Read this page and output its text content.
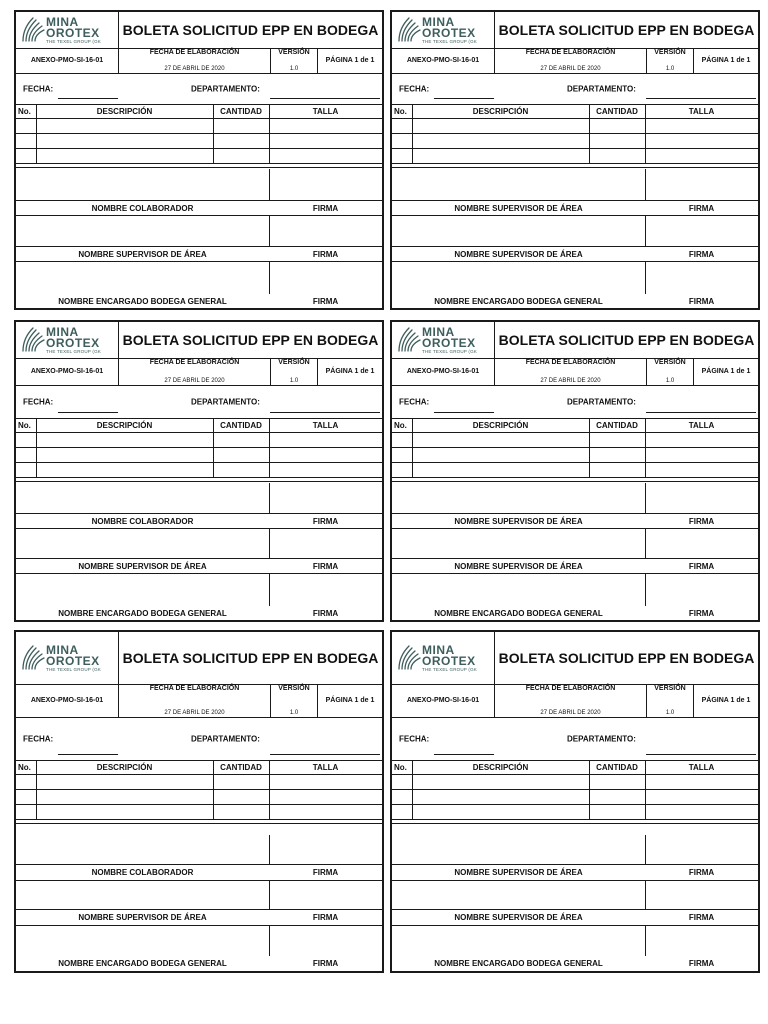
MINA
OROTEX
THE TEXEL GROUP (GK
BOLETA SOLICITUD EPP EN BODEGA
ANEXO-PMO-SI-16-01
FECHA DE ELABORACIÓN
27 DE ABRIL DE 2020
VERSIÓN
1.0
PÁGINA 1 de 1
FECHA:	DEPARTAMENTO:
No.	DESCRIPCIÓN	CANTIDAD	TALLA
NOMBRE COLABORADOR	FIRMA
NOMBRE SUPERVISOR DE ÁREA	FIRMA
NOMBRE ENCARGADO BODEGA GENERAL	FIRMA
MINA
OROTEX
THE TEXEL GROUP (GK
BOLETA SOLICITUD EPP EN BODEGA
ANEXO-PMO-SI-16-01
FECHA DE ELABORACIÓN
27 DE ABRIL DE 2020
VERSIÓN
1.0
PÁGINA 1 de 1
FECHA:	DEPARTAMENTO:
No.	DESCRIPCIÓN	CANTIDAD	TALLA
NOMBRE SUPERVISOR DE ÁREA	FIRMA
NOMBRE SUPERVISOR DE ÁREA	FIRMA
NOMBRE ENCARGADO BODEGA GENERAL	FIRMA
MINA
OROTEX
THE TEXEL GROUP (GK
BOLETA SOLICITUD EPP EN BODEGA
ANEXO-PMO-SI-16-01
FECHA DE ELABORACIÓN
27 DE ABRIL DE 2020
VERSIÓN
1.0
PÁGINA 1 de 1
FECHA:	DEPARTAMENTO:
No.	DESCRIPCIÓN	CANTIDAD	TALLA
NOMBRE COLABORADOR	FIRMA
NOMBRE SUPERVISOR DE ÁREA	FIRMA
NOMBRE ENCARGADO BODEGA GENERAL	FIRMA
MINA
OROTEX
THE TEXEL GROUP (GK
BOLETA SOLICITUD EPP EN BODEGA
ANEXO-PMO-SI-16-01
FECHA DE ELABORACIÓN
27 DE ABRIL DE 2020
VERSIÓN
1.0
PÁGINA 1 de 1
FECHA:	DEPARTAMENTO:
No.	DESCRIPCIÓN	CANTIDAD	TALLA
NOMBRE SUPERVISOR DE ÁREA	FIRMA
NOMBRE SUPERVISOR DE ÁREA	FIRMA
NOMBRE ENCARGADO BODEGA GENERAL	FIRMA
MINA
OROTEX
THE TEXEL GROUP (GK
BOLETA SOLICITUD EPP EN BODEGA
ANEXO-PMO-SI-16-01
FECHA DE ELABORACIÓN
27 DE ABRIL DE 2020
VERSIÓN
1.0
PÁGINA 1 de 1
FECHA:	DEPARTAMENTO:
No.	DESCRIPCIÓN	CANTIDAD	TALLA
NOMBRE COLABORADOR	FIRMA
NOMBRE SUPERVISOR DE ÁREA	FIRMA
NOMBRE ENCARGADO BODEGA GENERAL	FIRMA
MINA
OROTEX
THE TEXEL GROUP (GK
BOLETA SOLICITUD EPP EN BODEGA
ANEXO-PMO-SI-16-01
FECHA DE ELABORACIÓN
27 DE ABRIL DE 2020
VERSIÓN
1.0
PÁGINA 1 de 1
FECHA:	DEPARTAMENTO:
No.	DESCRIPCIÓN	CANTIDAD	TALLA
NOMBRE SUPERVISOR DE ÁREA	FIRMA
NOMBRE SUPERVISOR DE ÁREA	FIRMA
NOMBRE ENCARGADO BODEGA GENERAL	FIRMA
